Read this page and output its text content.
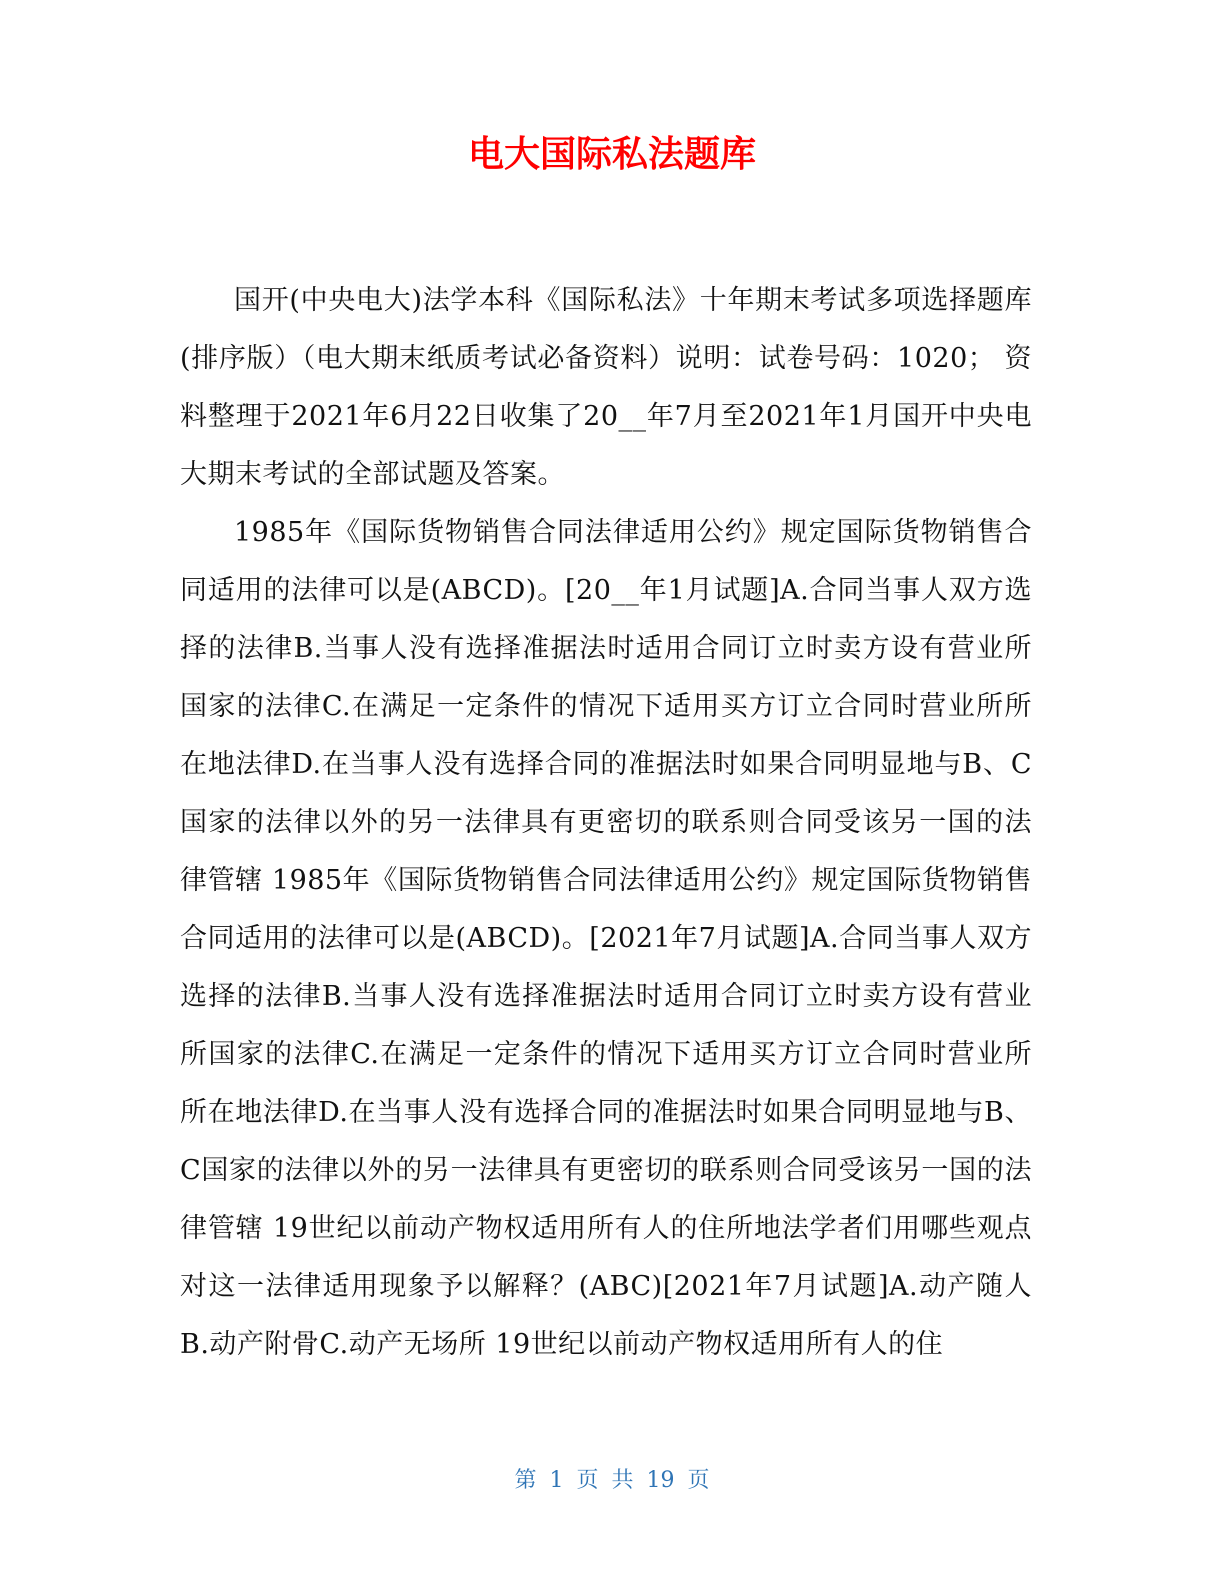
电大国际私法题库

国开(中央电大)法学本科《国际私法》十年期末考试多项选择题库(排序版）（电大期末纸质考试必备资料）说明：试卷号码：1020； 资料整理于2021年6月22日收集了20__年7月至2021年1月国开中央电大期末考试的全部试题及答案。

1985年《国际货物销售合同法律适用公约》规定国际货物销售合同适用的法律可以是(ABCD)。[20__年1月试题]A.合同当事人双方选择的法律B.当事人没有选择准据法时适用合同订立时卖方设有营业所国家的法律C.在满足一定条件的情况下适用买方订立合同时营业所所在地法律D.在当事人没有选择合同的准据法时如果合同明显地与B、C国家的法律以外的另一法律具有更密切的联系则合同受该另一国的法律管辖 1985年《国际货物销售合同法律适用公约》规定国际货物销售合同适用的法律可以是(ABCD)。[2021年7月试题]A.合同当事人双方选择的法律B.当事人没有选择准据法时适用合同订立时卖方设有营业所国家的法律C.在满足一定条件的情况下适用买方订立合同时营业所所在地法律D.在当事人没有选择合同的准据法时如果合同明显地与B、C国家的法律以外的另一法律具有更密切的联系则合同受该另一国的法律管辖 19世纪以前动产物权适用所有人的住所地法学者们用哪些观点对这一法律适用现象予以解释？(ABC)[2021年7月试题]A.动产随人B.动产附骨C.动产无场所 19世纪以前动产物权适用所有人的住

第 1 页 共 19 页
